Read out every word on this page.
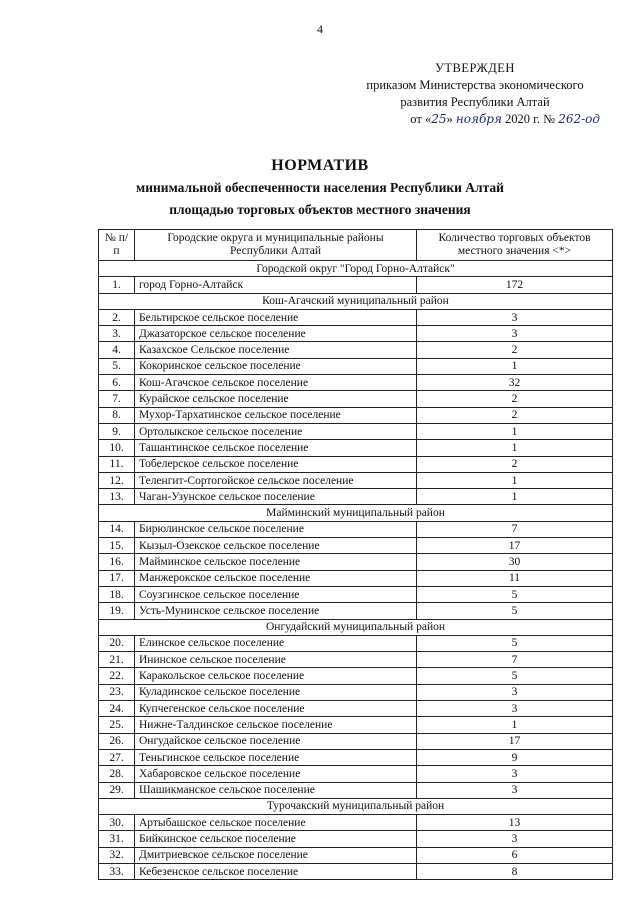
4
УТВЕРЖДЕН
приказом Министерства экономического
развития Республики Алтай
от «25» ноября 2020 г. № 262-од
НОРМАТИВ
минимальной обеспеченности населения Республики Алтай
площадью торговых объектов местного значения
№ п/п	Городские округа и муниципальные районы Республики Алтай	Количество торговых объектов местного значения <*>
Городской округ "Город Горно-Алтайск"		
1.	город Горно-Алтайск	172
Кош-Агачский муниципальный район		
2.	Бельтирское сельское поселение	3
3.	Джазаторское сельское поселение	3
4.	Казахское Сельское поселение	2
5.	Кокоринское сельское поселение	1
6.	Кош-Агачское сельское поселение	32
7.	Курайское сельское поселение	2
8.	Мухор-Тархатинское сельское поселение	2
9.	Ортолыкское сельское поселение	1
10.	Ташантинское сельское поселение	1
11.	Тобелерское сельское поселение	2
12.	Теленгит-Сортогойское сельское поселение	1
13.	Чаган-Узунское сельское поселение	1
Майминский муниципальный район		
14.	Бирюлинское сельское поселение	7
15.	Кызыл-Озекское сельское поселение	17
16.	Майминское сельское поселение	30
17.	Манжерокское сельское поселение	11
18.	Соузгинское сельское поселение	5
19.	Усть-Мунинское сельское поселение	5
Онгудайский муниципальный район		
20.	Елинское сельское поселение	5
21.	Ининское сельское поселение	7
22.	Каракольское сельское поселение	5
23.	Куладинское сельское поселение	3
24.	Купчегенское сельское поселение	3
25.	Нижне-Талдинское сельское поселение	1
26.	Онгудайское сельское поселение	17
27.	Теньгинское сельское поселение	9
28.	Хабаровское сельское поселение	3
29.	Шашикманское сельское поселение	3
Турочакский муниципальный район		
30.	Артыбашское сельское поселение	13
31.	Бийкинское сельское поселение	3
32.	Дмитриевское сельское поселение	6
33.	Кебезенское сельское поселение	8
